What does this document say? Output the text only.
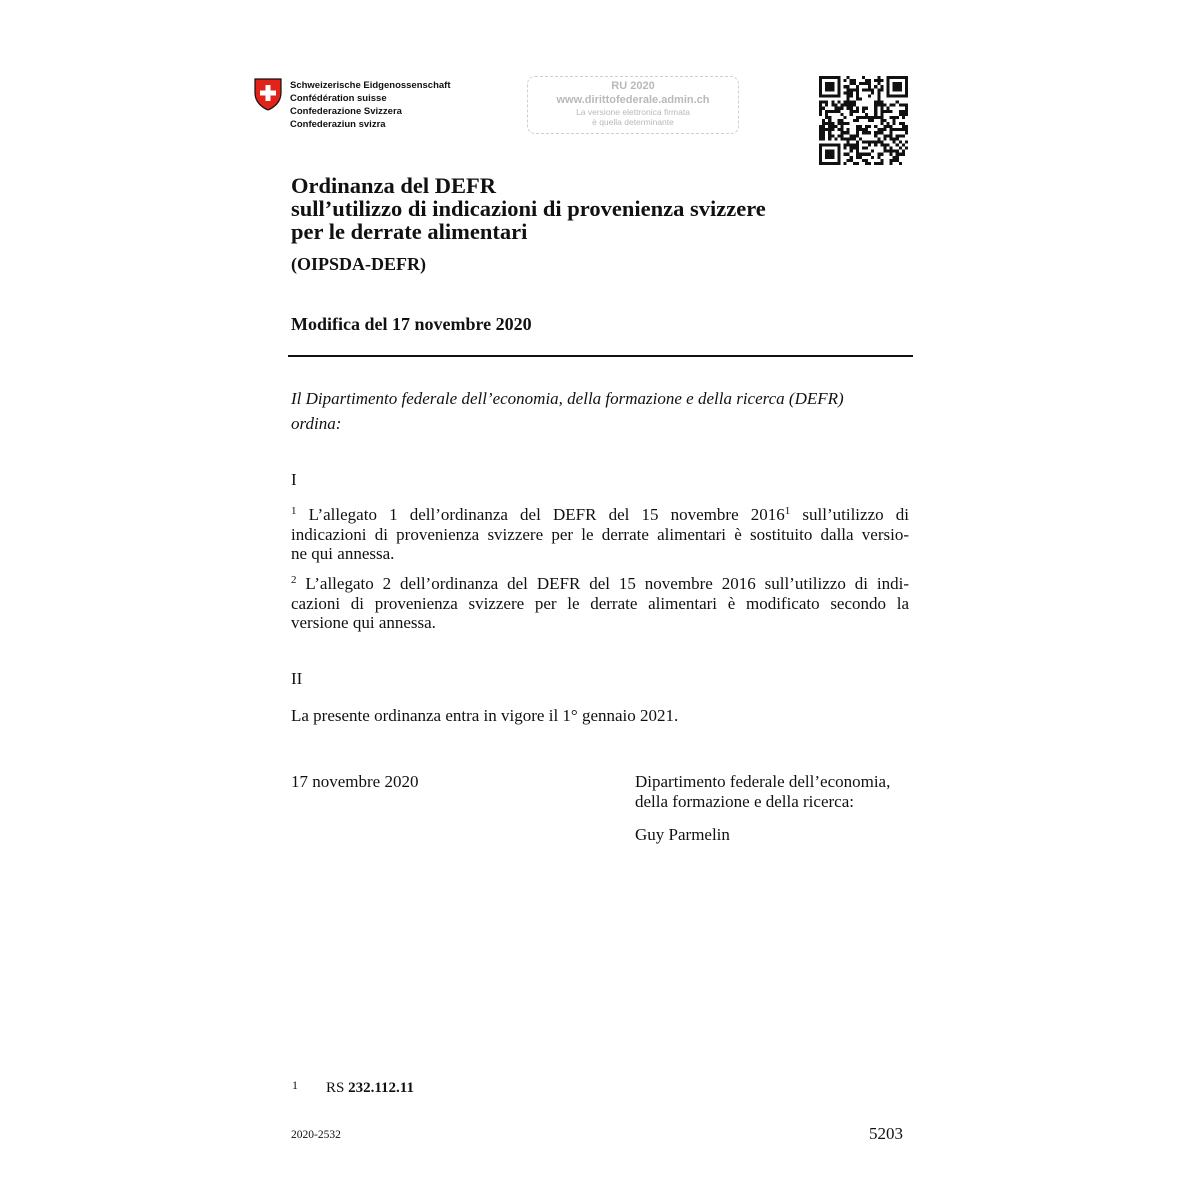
Schweizerische Eidgenossenschaft
Confédération suisse
Confederazione Svizzera
Confederaziun svizra
RU 2020
www.dirittofederale.admin.ch
La versione elettronica firmata
è quella determinante
Ordinanza del DEFR
sull’utilizzo di indicazioni di provenienza svizzere
per le derrate alimentari
(OIPSDA-DEFR)
Modifica del 17 novembre 2020
Il Dipartimento federale dell’economia, della formazione e della ricerca (DEFR)
ordina:
I
$^1$ L’allegato 1 dell’ordinanza del DEFR del 15 novembre 2016$^1$ sull’utilizzo di
indicazioni di provenienza svizzere per le derrate alimentari è sostituito dalla versio-
ne qui annessa.
$^2$ L’allegato 2 dell’ordinanza del DEFR del 15 novembre 2016 sull’utilizzo di indi-
cazioni di provenienza svizzere per le derrate alimentari è modificato secondo la
versione qui annessa.
II
La presente ordinanza entra in vigore il 1° gennaio 2021.
17 novembre 2020	Dipartimento federale dell’economia,
della formazione e della ricerca:
Guy Parmelin
1 RS 232.112.11
2020-2532	5203
